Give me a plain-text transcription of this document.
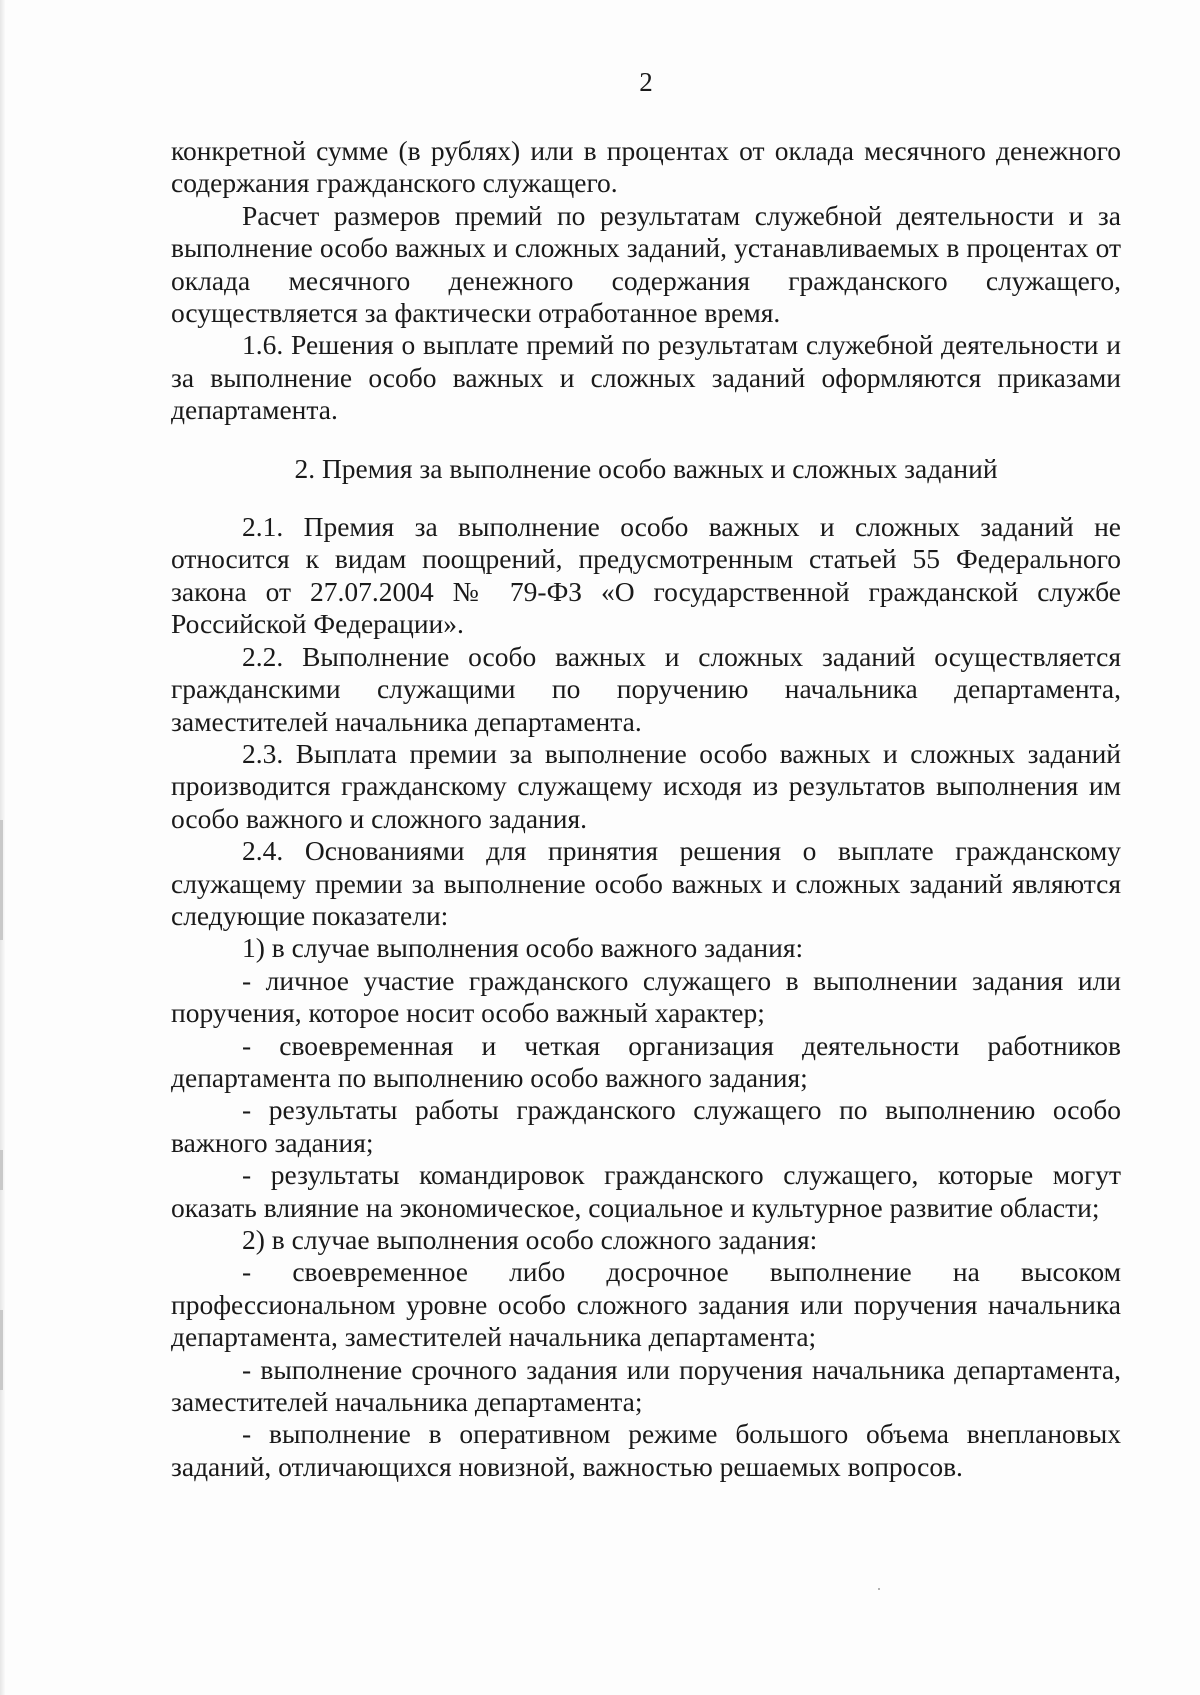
2

конкретной сумме (в рублях) или в процентах от оклада месячного денежного содержания гражданского служащего.

Расчет размеров премий по результатам служебной деятельности и за выполнение особо важных и сложных заданий, устанавливаемых в процентах от оклада месячного денежного содержания гражданского служащего, осуществляется за фактически отработанное время.

1.6. Решения о выплате премий по результатам служебной деятельности и за выполнение особо важных и сложных заданий оформляются приказами департамента.

2. Премия за выполнение особо важных и сложных заданий

2.1. Премия за выполнение особо важных и сложных заданий не относится к видам поощрений, предусмотренным статьей 55 Федерального закона от 27.07.2004 № 79-ФЗ «О государственной гражданской службе Российской Федерации».

2.2. Выполнение особо важных и сложных заданий осуществляется гражданскими служащими по поручению начальника департамента, заместителей начальника департамента.

2.3. Выплата премии за выполнение особо важных и сложных заданий производится гражданскому служащему исходя из результатов выполнения им особо важного и сложного задания.

2.4. Основаниями для принятия решения о выплате гражданскому служащему премии за выполнение особо важных и сложных заданий являются следующие показатели:

1) в случае выполнения особо важного задания:

- личное участие гражданского служащего в выполнении задания или поручения, которое носит особо важный характер;

- своевременная и четкая организация деятельности работников департамента по выполнению особо важного задания;

- результаты работы гражданского служащего по выполнению особо важного задания;

- результаты командировок гражданского служащего, которые могут оказать влияние на экономическое, социальное и культурное развитие области;

2) в случае выполнения особо сложного задания:

- своевременное либо досрочное выполнение на высоком профессиональном уровне особо сложного задания или поручения начальника департамента, заместителей начальника департамента;

- выполнение срочного задания или поручения начальника департамента, заместителей начальника департамента;

- выполнение в оперативном режиме большого объема внеплановых заданий, отличающихся новизной, важностью решаемых вопросов.
